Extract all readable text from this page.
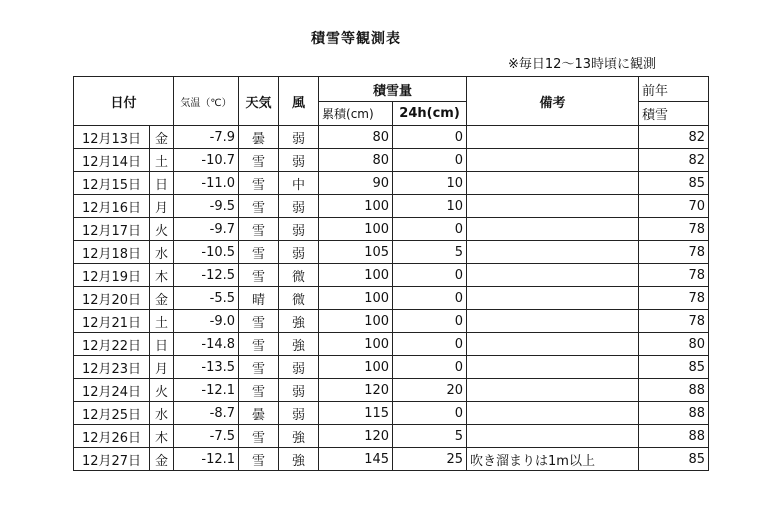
積雪等観測表
※毎日12～13時頃に観測
日付		気温（℃）	天気	風	積雪量		備考	前年
					累積(cm)	24h(cm)		積雪
12月13日	金	-7.9	曇	弱	80	0		82
12月14日	土	-10.7	雪	弱	80	0		82
12月15日	日	-11.0	雪	中	90	10		85
12月16日	月	-9.5	雪	弱	100	10		70
12月17日	火	-9.7	雪	弱	100	0		78
12月18日	水	-10.5	雪	弱	105	5		78
12月19日	木	-12.5	雪	微	100	0		78
12月20日	金	-5.5	晴	微	100	0		78
12月21日	土	-9.0	雪	強	100	0		78
12月22日	日	-14.8	雪	強	100	0		80
12月23日	月	-13.5	雪	弱	100	0		85
12月24日	火	-12.1	雪	弱	120	20		88
12月25日	水	-8.7	曇	弱	115	0		88
12月26日	木	-7.5	雪	強	120	5		88
12月27日	金	-12.1	雪	強	145	25	吹き溜まりは1m以上	85
